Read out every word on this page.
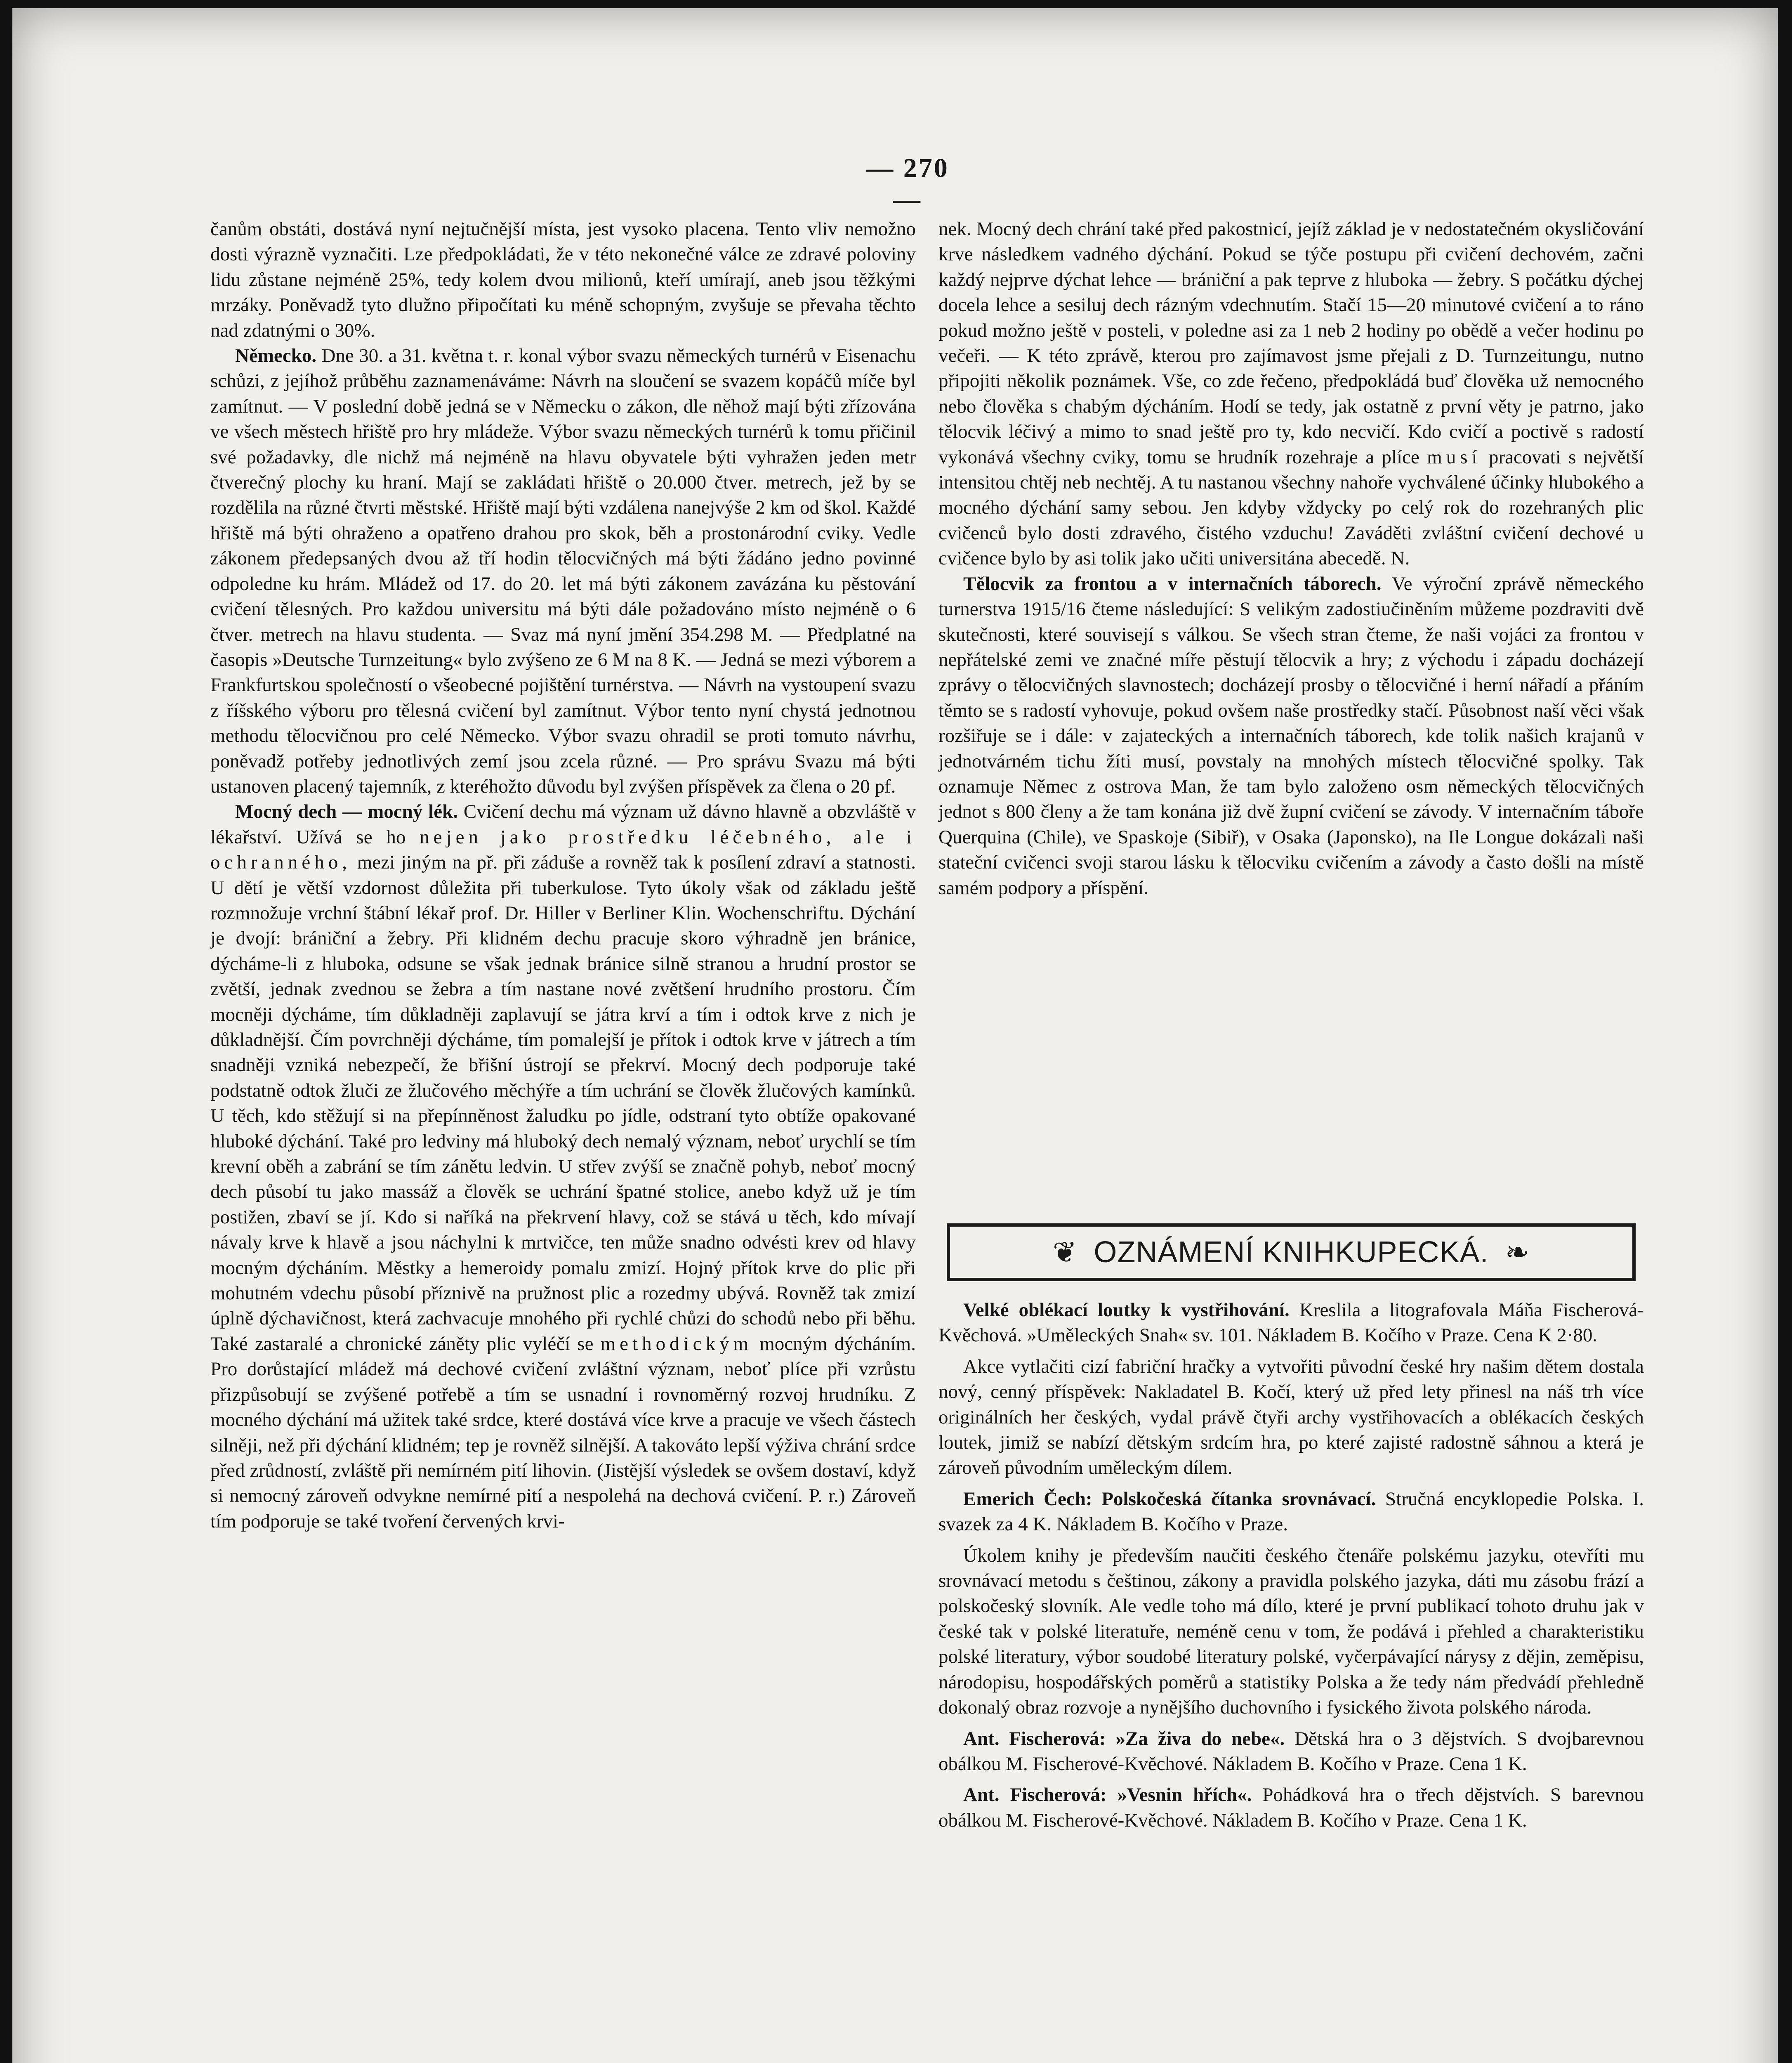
— 270 —

čanům obstáti, dostává nyní nejtučnější místa, jest vysoko placena. Tento vliv nemožno dosti výrazně vyznačiti. Lze předpokládati, že v této nekonečné válce ze zdravé poloviny lidu zůstane nejméně 25%, tedy kolem dvou milionů, kteří umírají, aneb jsou těžkými mrzáky. Poněvadž tyto dlužno připočítati ku méně schopným, zvyšuje se převaha těchto nad zdatnými o 30%.

Německo. Dne 30. a 31. května t. r. konal výbor svazu německých turnérů v Eisenachu schůzi, z jejíhož průběhu zaznamenáváme: Návrh na sloučení se svazem kopáčů míče byl zamítnut. — V poslední době jedná se v Německu o zákon, dle něhož mají býti zřízována ve všech městech hřiště pro hry mládeže. Výbor svazu německých turnérů k tomu přičinil své požadavky, dle nichž má nejméně na hlavu obyvatele býti vyhražen jeden metr čtverečný plochy ku hraní. Mají se zakládati hřiště o 20.000 čtver. metrech, jež by se rozdělila na různé čtvrti městské. Hřiště mají býti vzdálena nanejvýše 2 km od škol. Každé hřiště má býti ohraženo a opatřeno drahou pro skok, běh a prostonárodní cviky. Vedle zákonem předepsaných dvou až tří hodin tělocvičných má býti žádáno jedno povinné odpoledne ku hrám. Mládež od 17. do 20. let má býti zákonem zavázána ku pěstování cvičení tělesných. Pro každou universitu má býti dále požadováno místo nejméně o 6 čtver. metrech na hlavu studenta. — Svaz má nyní jmění 354.298 M. — Předplatné na časopis »Deutsche Turnzeitung« bylo zvýšeno ze 6 M na 8 K. — Jedná se mezi výborem a Frankfurtskou společností o všeobecné pojištění turnérstva. — Návrh na vystoupení svazu z říšského výboru pro tělesná cvičení byl zamítnut. Výbor tento nyní chystá jednotnou methodu tělocvičnou pro celé Německo. Výbor svazu ohradil se proti tomuto návrhu, poněvadž potřeby jednotlivých zemí jsou zcela různé. — Pro správu Svazu má býti ustanoven placený tajemník, z kteréhožto důvodu byl zvýšen příspěvek za člena o 20 pf.

Mocný dech — mocný lék. Cvičení dechu má význam už dávno hlavně a obzvláště v lékařství. Užívá se ho nejen jako prostředku léčebného, ale i ochranného, mezi jiným na př. při záduše a rovněž tak k posílení zdraví a statnosti. U dětí je větší vzdornost důležita při tuberkulose. Tyto úkoly však od základu ještě rozmnožuje vrchní štábní lékař prof. Dr. Hiller v Berliner Klin. Wochenschriftu. Dýchání je dvojí: brániční a žebry. Při klidném dechu pracuje skoro výhradně jen bránice, dýcháme-li z hluboka, odsune se však jednak bránice silně stranou a hrudní prostor se zvětší, jednak zvednou se žebra a tím nastane nové zvětšení hrudního prostoru. Čím mocněji dýcháme, tím důkladněji zaplavují se játra krví a tím i odtok krve z nich je důkladnější. Čím povrchněji dýcháme, tím pomalejší je přítok i odtok krve v játrech a tím snadněji vzniká nebezpečí, že břišní ústrojí se překrví. Mocný dech podporuje také podstatně odtok žluči ze žlučového měchýře a tím uchrání se člověk žlučových kamínků. U těch, kdo stěžují si na přepínněnost žaludku po jídle, odstraní tyto obtíže opakované hluboké dýchání. Také pro ledviny má hluboký dech nemalý význam, neboť urychlí se tím krevní oběh a zabrání se tím zánětu ledvin. U střev zvýší se značně pohyb, neboť mocný dech působí tu jako massáž a člověk se uchrání špatné stolice, anebo když už je tím postižen, zbaví se jí. Kdo si naříká na překrvení hlavy, což se stává u těch, kdo mívají návaly krve k hlavě a jsou náchylni k mrtvičce, ten může snadno odvésti krev od hlavy mocným dýcháním. Městky a hemeroidy pomalu zmizí. Hojný přítok krve do plic při mohutném vdechu působí příznivě na pružnost plic a rozedmy ubývá. Rovněž tak zmizí úplně dýchavičnost, která zachvacuje mnohého při rychlé chůzi do schodů nebo při běhu. Také zastaralé a chronické záněty plic vyléčí se methodickým mocným dýcháním. Pro dorůstající mládež má dechové cvičení zvláštní význam, neboť plíce při vzrůstu přizpůsobují se zvýšené potřebě a tím se usnadní i rovnoměrný rozvoj hrudníku. Z mocného dýchání má užitek také srdce, které dostává více krve a pracuje ve všech částech silněji, než při dýchání klidném; tep je rovněž silnější. A takováto lepší výživa chrání srdce před zrůdností, zvláště při nemírném pití lihovin. (Jistější výsledek se ovšem dostaví, když si nemocný zároveň odvykne nemírné pití a nespolehá na dechová cvičení. P. r.) Zároveň tím podporuje se také tvoření červených krvi-

nek. Mocný dech chrání také před pakostnicí, jejíž základ je v nedostatečném okysličování krve následkem vadného dýchání. Pokud se týče postupu při cvičení dechovém, začni každý nejprve dýchat lehce — brániční a pak teprve z hluboka — žebry. S počátku dýchej docela lehce a sesiluj dech rázným vdechnutím. Stačí 15—20 minutové cvičení a to ráno pokud možno ještě v posteli, v poledne asi za 1 neb 2 hodiny po obědě a večer hodinu po večeři. — K této zprávě, kterou pro zajímavost jsme přejali z D. Turnzeitungu, nutno připojiti několik poznámek. Vše, co zde řečeno, předpokládá buď člověka už nemocného nebo člověka s chabým dýcháním. Hodí se tedy, jak ostatně z první věty je patrno, jako tělocvik léčivý a mimo to snad ještě pro ty, kdo necvičí. Kdo cvičí a poctivě s radostí vykonává všechny cviky, tomu se hrudník rozehraje a plíce musí pracovati s největší intensitou chtěj neb nechtěj. A tu nastanou všechny nahoře vychválené účinky hlubokého a mocného dýchání samy sebou. Jen kdyby vždycky po celý rok do rozehraných plic cvičenců bylo dosti zdravého, čistého vzduchu! Zaváděti zvláštní cvičení dechové u cvičence bylo by asi tolik jako učiti universitána abecedě. N.

Tělocvik za frontou a v internačních táborech. Ve výroční zprávě německého turnerstva 1915/16 čteme následující: S velikým zadostiučiněním můžeme pozdraviti dvě skutečnosti, které souvisejí s válkou. Se všech stran čteme, že naši vojáci za frontou v nepřátelské zemi ve značné míře pěstují tělocvik a hry; z východu i západu docházejí zprávy o tělocvičných slavnostech; docházejí prosby o tělocvičné i herní nářadí a přáním těmto se s radostí vyhovuje, pokud ovšem naše prostředky stačí. Působnost naší věci však rozšiřuje se i dále: v zajateckých a internačních táborech, kde tolik našich krajanů v jednotvárném tichu žíti musí, povstaly na mnohých místech tělocvičné spolky. Tak oznamuje Němec z ostrova Man, že tam bylo založeno osm německých tělocvičných jednot s 800 členy a že tam konána již dvě župní cvičení se závody. V internačním táboře Querquina (Chile), ve Spaskoje (Sibiř), v Osaka (Japonsko), na Ile Longue dokázali naši stateční cvičenci svoji starou lásku k tělocviku cvičením a závody a často došli na místě samém podpory a příspění.

❦ OZNÁMENÍ KNIHKUPECKÁ. ❧

Velké oblékací loutky k vystřihování. Kreslila a litografovala Máňa Fischerová-Kvěchová. »Uměleckých Snah« sv. 101. Nákladem B. Kočího v Praze. Cena K 2·80.

Akce vytlačiti cizí fabriční hračky a vytvořiti původní české hry našim dětem dostala nový, cenný příspěvek: Nakladatel B. Kočí, který už před lety přinesl na náš trh více originálních her českých, vydal právě čtyři archy vystřihovacích a oblékacích českých loutek, jimiž se nabízí dětským srdcím hra, po které zajisté radostně sáhnou a která je zároveň původním uměleckým dílem.

Emerich Čech: Polskočeská čítanka srovnávací. Stručná encyklopedie Polska. I. svazek za 4 K. Nákladem B. Kočího v Praze.

Úkolem knihy je především naučiti českého čtenáře polskému jazyku, otevříti mu srovnávací metodu s češtinou, zákony a pravidla polského jazyka, dáti mu zásobu frází a polskočeský slovník. Ale vedle toho má dílo, které je první publikací tohoto druhu jak v české tak v polské literatuře, neméně cenu v tom, že podává i přehled a charakteristiku polské literatury, výbor soudobé literatury polské, vyčerpávající nárysy z dějin, zeměpisu, národopisu, hospodářských poměrů a statistiky Polska a že tedy nám předvádí přehledně dokonalý obraz rozvoje a nynějšího duchovního i fysického života polského národa.

Ant. Fischerová: »Za živa do nebe«. Dětská hra o 3 dějstvích. S dvojbarevnou obálkou M. Fischerové-Kvěchové. Nákladem B. Kočího v Praze. Cena 1 K.

Ant. Fischerová: »Vesnin hřích«. Pohádková hra o třech dějstvích. S barevnou obálkou M. Fischerové-Kvěchové. Nákladem B. Kočího v Praze. Cena 1 K.
